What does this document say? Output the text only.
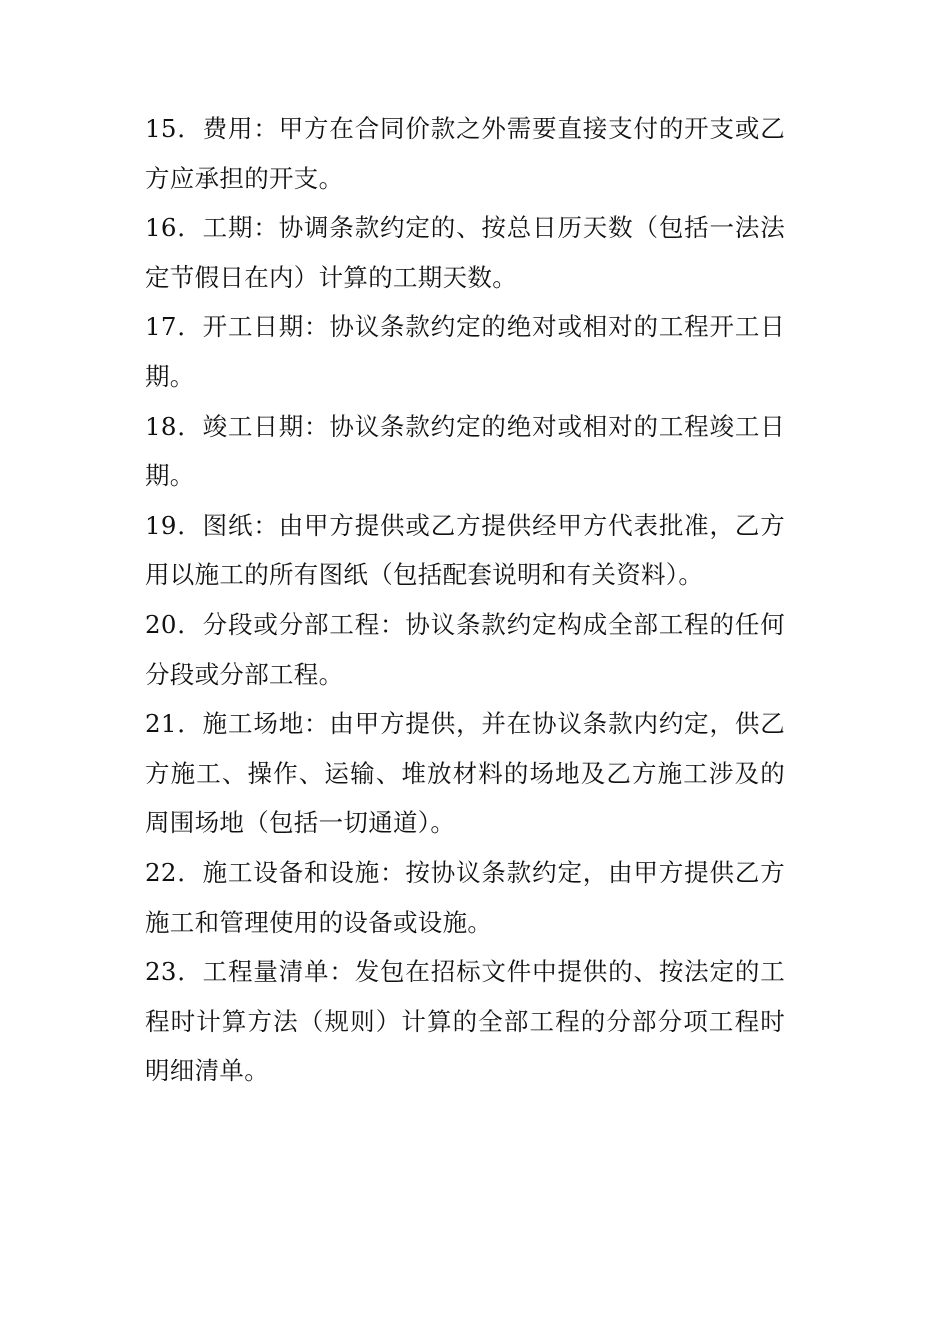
15．费用：甲方在合同价款之外需要直接支付的开支或乙方应承担的开支。

16．工期：协调条款约定的、按总日历天数（包括一法法定节假日在内）计算的工期天数。

17．开工日期：协议条款约定的绝对或相对的工程开工日期。

18．竣工日期：协议条款约定的绝对或相对的工程竣工日期。

19．图纸：由甲方提供或乙方提供经甲方代表批准，乙方用以施工的所有图纸（包括配套说明和有关资料）。

20．分段或分部工程：协议条款约定构成全部工程的任何分段或分部工程。

21．施工场地：由甲方提供，并在协议条款内约定，供乙方施工、操作、运输、堆放材料的场地及乙方施工涉及的周围场地（包括一切通道）。

22．施工设备和设施：按协议条款约定，由甲方提供乙方施工和管理使用的设备或设施。

23．工程量清单：发包在招标文件中提供的、按法定的工程时计算方法（规则）计算的全部工程的分部分项工程时明细清单。
